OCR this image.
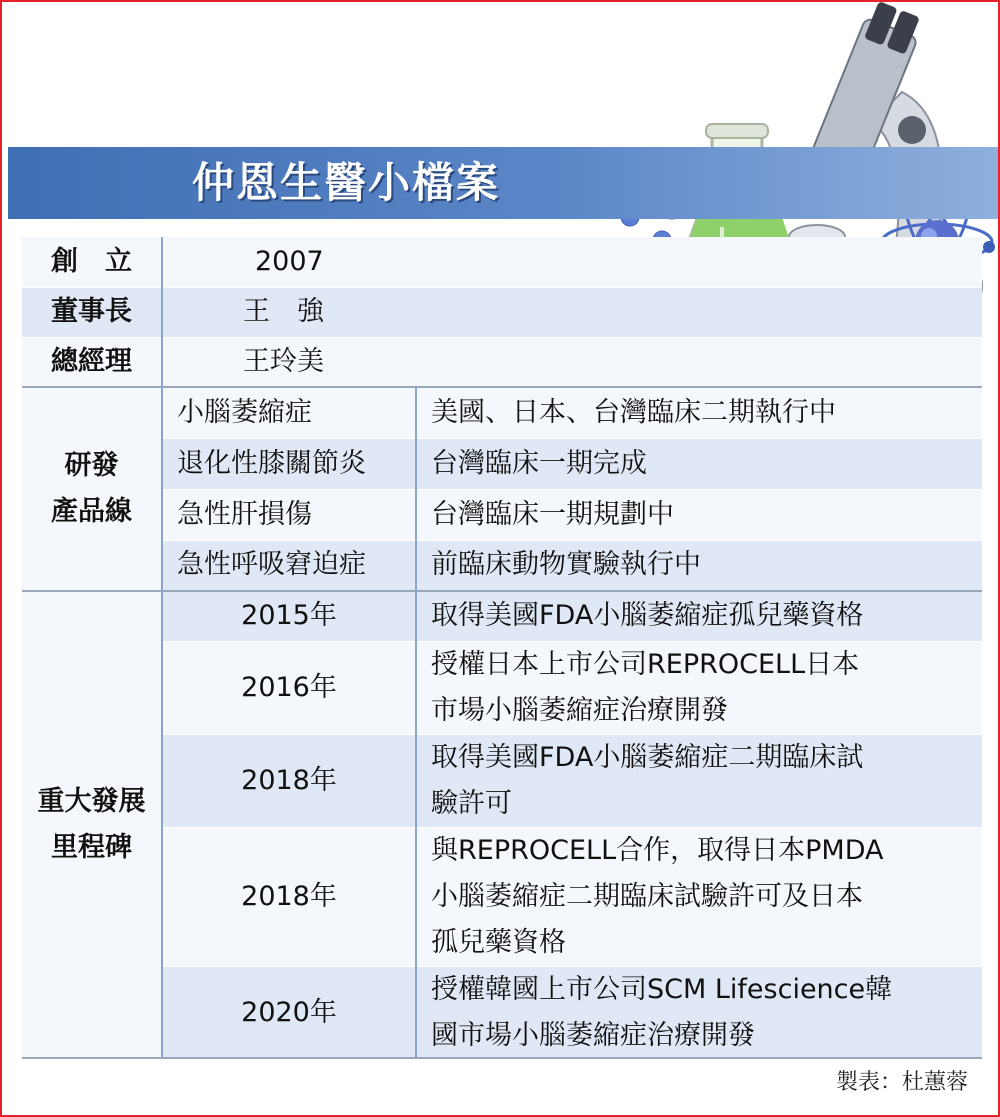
仲恩生醫小檔案
創　立	2007	
董事長	王　強	
總經理	王玲美	

研發
產品線	小腦萎縮症	美國、日本、台灣臨床二期執行中
	退化性膝關節炎	台灣臨床一期完成
	急性肝損傷	台灣臨床一期規劃中
	急性呼吸窘迫症	前臨床動物實驗執行中

重大發展
里程碑	2015年	取得美國FDA小腦萎縮症孤兒藥資格

	2016年	授權日本上市公司REPROCELL日本
市場小腦萎縮症治療開發

	2018年	取得美國FDA小腦萎縮症二期臨床試
驗許可

	2018年	與REPROCELL合作，取得日本PMDA
小腦萎縮症二期臨床試驗許可及日本
孤兒藥資格

	2020年	授權韓國上市公司SCM Lifescience韓
國市場小腦萎縮症治療開發
製表：杜蕙蓉
